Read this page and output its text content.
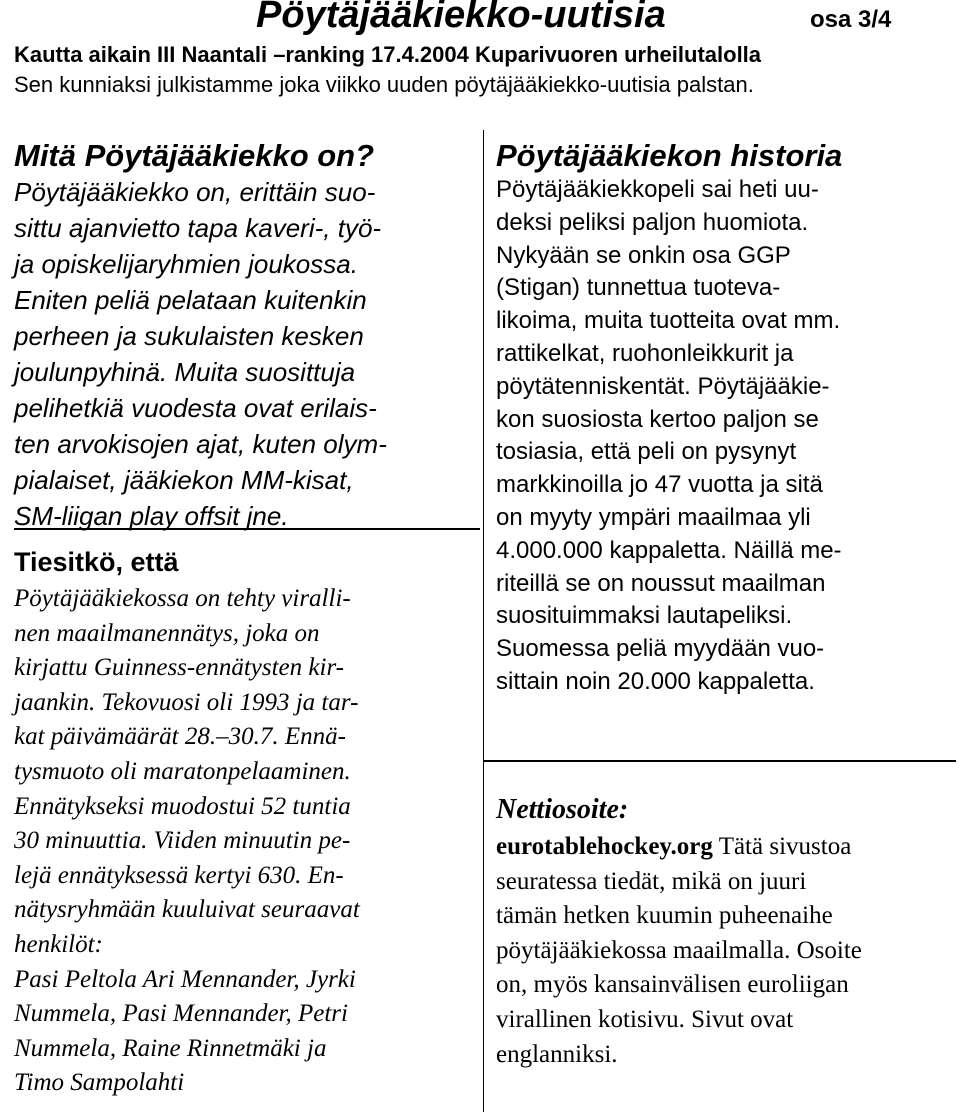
Pöytäjääkiekko-uutisia	osa 3/4
Kautta aikain III Naantali –ranking 17.4.2004 Kuparivuoren urheilutalolla
Sen kunniaksi julkistamme joka viikko uuden pöytäjääkiekko-uutisia palstan.
Mitä Pöytäjääkiekko on?

Pöytäjääkiekko on, erittäin suo-
sittu ajanvietto tapa kaveri-, työ-
ja opiskelijaryhmien joukossa.
Eniten peliä pelataan kuitenkin
perheen ja sukulaisten kesken
joulunpyhinä. Muita suosittuja
pelihetkiä vuodesta ovat erilais-
ten arvokisojen ajat, kuten olym-
pialaiset, jääkiekon MM-kisat,
SM-liigan play offsit jne.

Tiesitkö, että

Pöytäjääkiekossa on tehty viralli-
nen maailmanennätys, joka on
kirjattu Guinness-ennätysten kir-
jaankin. Tekovuosi oli 1993 ja tar-
kat päivämäärät 28.–30.7. Ennä-
tysmuoto oli maratonpelaaminen.
Ennätykseksi muodostui 52 tuntia
30 minuuttia. Viiden minuutin pe-
lejä ennätyksessä kertyi 630. En-
nätysryhmään kuuluivat seuraavat
henkilöt:
Pasi Peltola Ari Mennander, Jyrki
Nummela, Pasi Mennander, Petri
Nummela, Raine Rinnetmäki ja
Timo Sampolahti

Pöytäjääkiekon historia

Pöytäjääkiekkopeli sai heti uu-
deksi peliksi paljon huomiota.
Nykyään se onkin osa GGP
(Stigan) tunnettua tuoteva-
likoima, muita tuotteita ovat mm.
rattikelkat, ruohonleikkurit ja
pöytätenniskentät. Pöytäjääkie-
kon suosiosta kertoo paljon se
tosiasia, että peli on pysynyt
markkinoilla jo 47 vuotta ja sitä
on myyty ympäri maailmaa yli
4.000.000 kappaletta. Näillä me-
riteillä se on noussut maailman
suosituimmaksi lautapeliksi.
Suomessa peliä myydään vuo-
sittain noin 20.000 kappaletta.

Nettiosoite:

eurotablehockey.org Tätä sivustoa
seuratessa tiedät, mikä on juuri
tämän hetken kuumin puheenaihe
pöytäjääkiekossa maailmalla. Osoite
on, myös kansainvälisen euroliigan
virallinen kotisivu. Sivut ovat
englanniksi.
